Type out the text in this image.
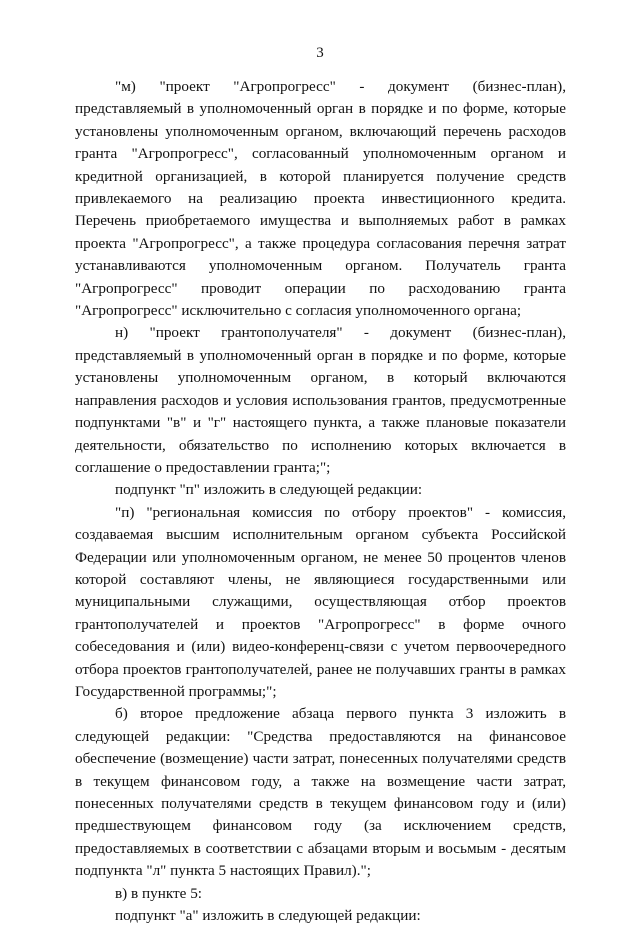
3

"м) "проект "Агропрогресс" - документ (бизнес-план), представляемый в уполномоченный орган в порядке и по форме, которые установлены уполномоченным органом, включающий перечень расходов гранта "Агропрогресс", согласованный уполномоченным органом и кредитной организацией, в которой планируется получение средств привлекаемого на реализацию проекта инвестиционного кредита. Перечень приобретаемого имущества и выполняемых работ в рамках проекта "Агропрогресс", а также процедура согласования перечня затрат устанавливаются уполномоченным органом. Получатель гранта "Агропрогресс" проводит операции по расходованию гранта "Агропрогресс" исключительно с согласия уполномоченного органа;

н) "проект грантополучателя" - документ (бизнес-план), представляемый в уполномоченный орган в порядке и по форме, которые установлены уполномоченным органом, в который включаются направления расходов и условия использования грантов, предусмотренные подпунктами "в" и "г" настоящего пункта, а также плановые показатели деятельности, обязательство по исполнению которых включается в соглашение о предоставлении гранта;";

подпункт "п" изложить в следующей редакции:

"п) "региональная комиссия по отбору проектов" - комиссия, создаваемая высшим исполнительным органом субъекта Российской Федерации или уполномоченным органом, не менее 50 процентов членов которой составляют члены, не являющиеся государственными или муниципальными служащими, осуществляющая отбор проектов грантополучателей и проектов "Агропрогресс" в форме очного собеседования и (или) видео-конференц-связи с учетом первоочередного отбора проектов грантополучателей, ранее не получавших гранты в рамках Государственной программы;";

б) второе предложение абзаца первого пункта 3 изложить в следующей редакции: "Средства предоставляются на финансовое обеспечение (возмещение) части затрат, понесенных получателями средств в текущем финансовом году, а также на возмещение части затрат, понесенных получателями средств в текущем финансовом году и (или) предшествующем финансовом году (за исключением средств, предоставляемых в соответствии с абзацами вторым и восьмым - десятым подпункта "л" пункта 5 настоящих Правил).";

в) в пункте 5:

подпункт "а" изложить в следующей редакции:
